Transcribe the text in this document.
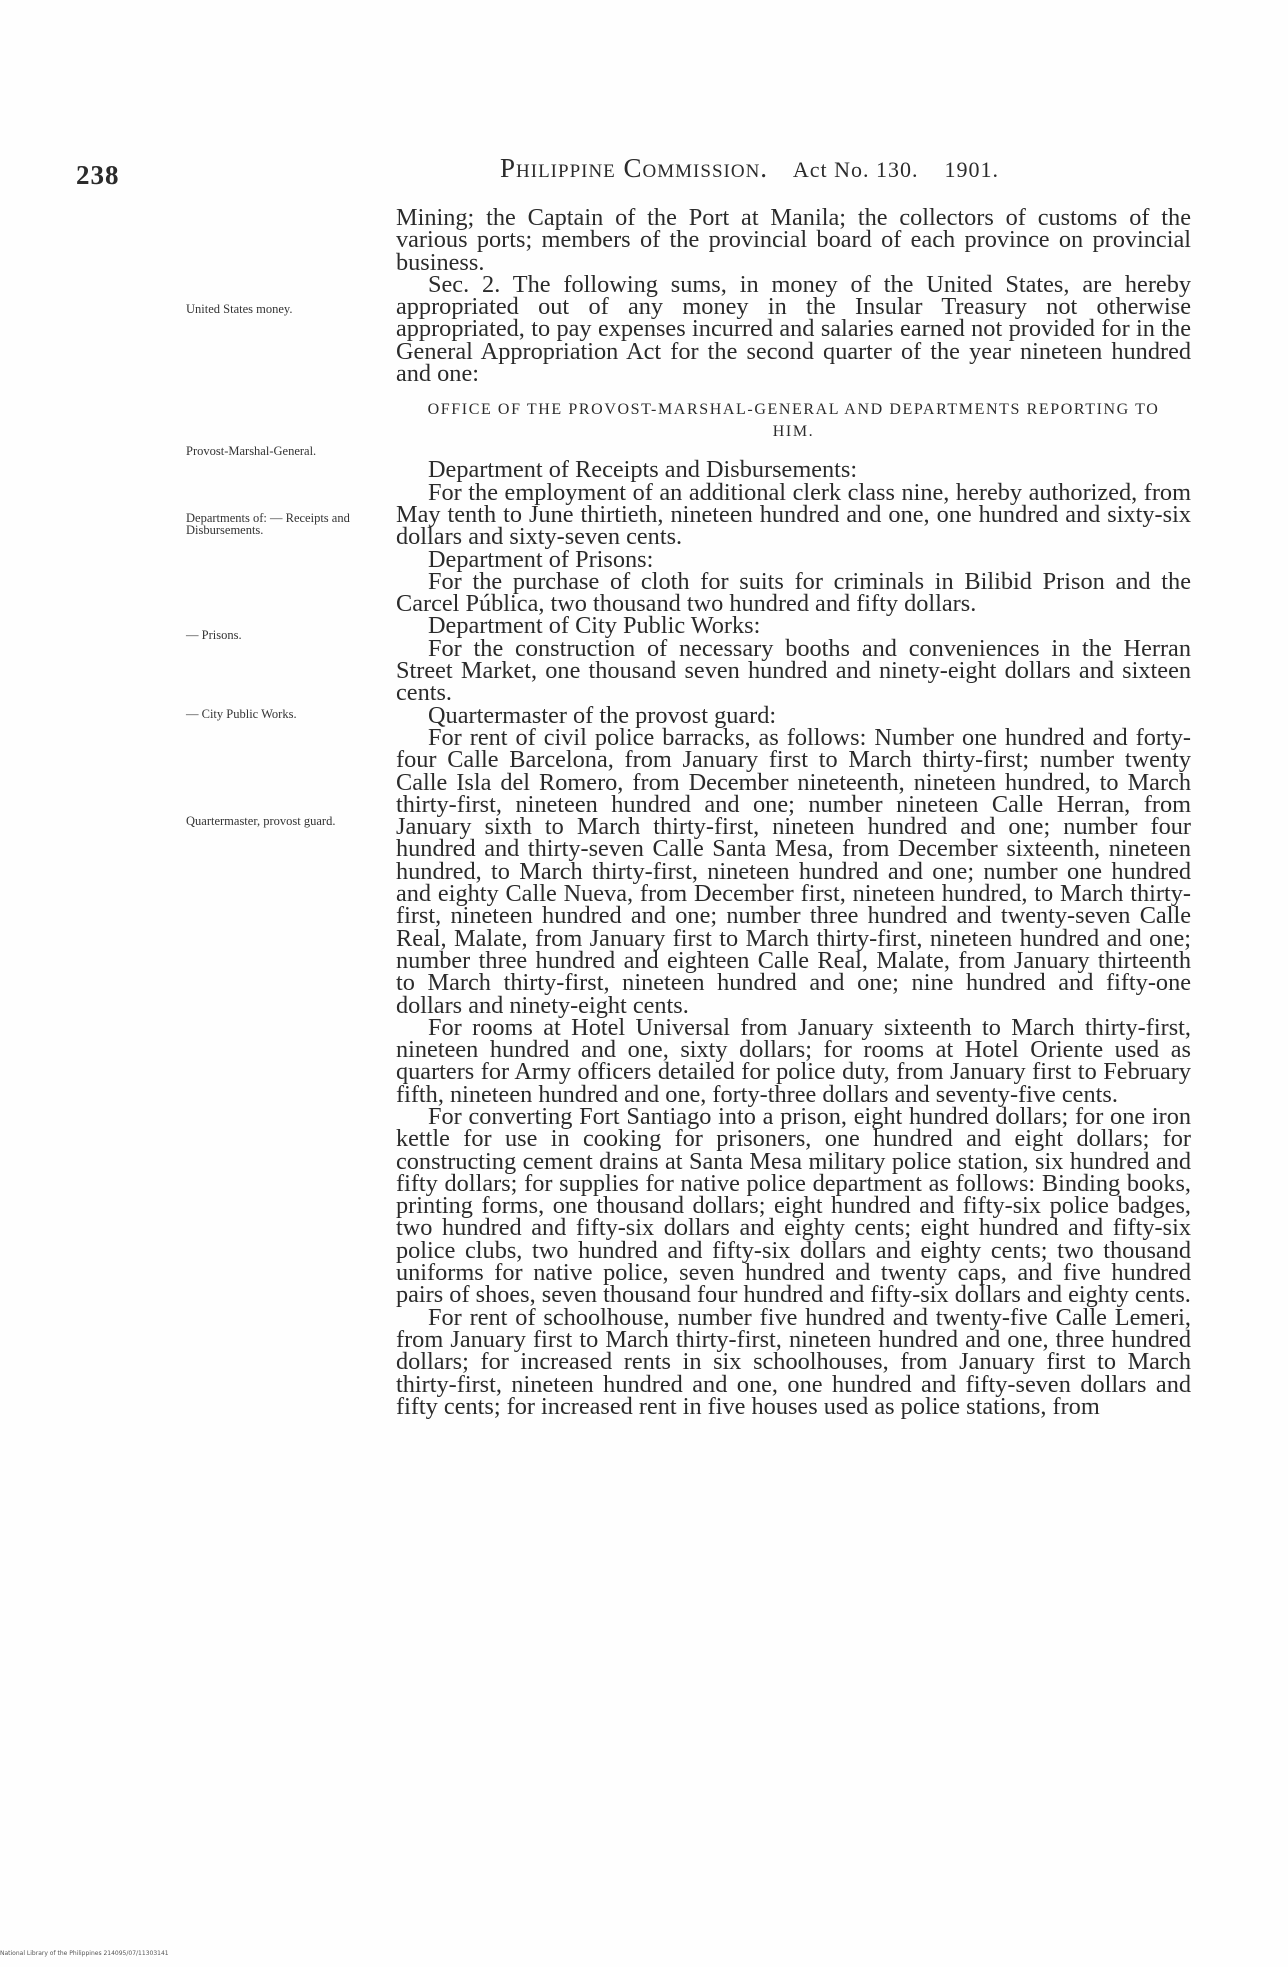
238	Philippine Commission. Act No. 130. 1901.
United States money.
Provost-Marshal-General.
Departments of: — Receipts and Disbursements.
— Prisons.
— City Public Works.
Quartermaster, provost guard.

Mining; the Captain of the Port at Manila; the collectors of customs of the various ports; members of the provincial board of each province on provincial business.

Sec. 2. The following sums, in money of the United States, are hereby appropriated out of any money in the Insular Treasury not otherwise appropriated, to pay expenses incurred and salaries earned not provided for in the General Appropriation Act for the second quarter of the year nineteen hundred and one:

OFFICE OF THE PROVOST-MARSHAL-GENERAL AND DEPARTMENTS REPORTING TO HIM.

Department of Receipts and Disbursements:

For the employment of an additional clerk class nine, hereby authorized, from May tenth to June thirtieth, nineteen hundred and one, one hundred and sixty-six dollars and sixty-seven cents.

Department of Prisons:

For the purchase of cloth for suits for criminals in Bilibid Prison and the Carcel Pública, two thousand two hundred and fifty dollars.

Department of City Public Works:

For the construction of necessary booths and conveniences in the Herran Street Market, one thousand seven hundred and ninety-eight dollars and sixteen cents.

Quartermaster of the provost guard:

For rent of civil police barracks, as follows: Number one hundred and forty-four Calle Barcelona, from January first to March thirty-first; number twenty Calle Isla del Romero, from December nineteenth, nineteen hundred, to March thirty-first, nineteen hundred and one; number nineteen Calle Herran, from January sixth to March thirty-first, nineteen hundred and one; number four hundred and thirty-seven Calle Santa Mesa, from December sixteenth, nineteen hundred, to March thirty-first, nineteen hundred and one; number one hundred and eighty Calle Nueva, from December first, nineteen hundred, to March thirty-first, nineteen hundred and one; number three hundred and twenty-seven Calle Real, Malate, from January first to March thirty-first, nineteen hundred and one; number three hundred and eighteen Calle Real, Malate, from January thirteenth to March thirty-first, nineteen hundred and one; nine hundred and fifty-one dollars and ninety-eight cents.

For rooms at Hotel Universal from January sixteenth to March thirty-first, nineteen hundred and one, sixty dollars; for rooms at Hotel Oriente used as quarters for Army officers detailed for police duty, from January first to February fifth, nineteen hundred and one, forty-three dollars and seventy-five cents.

For converting Fort Santiago into a prison, eight hundred dollars; for one iron kettle for use in cooking for prisoners, one hundred and eight dollars; for constructing cement drains at Santa Mesa military police station, six hundred and fifty dollars; for supplies for native police department as follows: Binding books, printing forms, one thousand dollars; eight hundred and fifty-six police badges, two hundred and fifty-six dollars and eighty cents; eight hundred and fifty-six police clubs, two hundred and fifty-six dollars and eighty cents; two thousand uniforms for native police, seven hundred and twenty caps, and five hundred pairs of shoes, seven thousand four hundred and fifty-six dollars and eighty cents.

For rent of schoolhouse, number five hundred and twenty-five Calle Lemeri, from January first to March thirty-first, nineteen hundred and one, three hundred dollars; for increased rents in six schoolhouses, from January first to March thirty-first, nineteen hundred and one, one hundred and fifty-seven dollars and fifty cents; for increased rent in five houses used as police stations, from

National Library of the Philippines 214095/07/11303141
